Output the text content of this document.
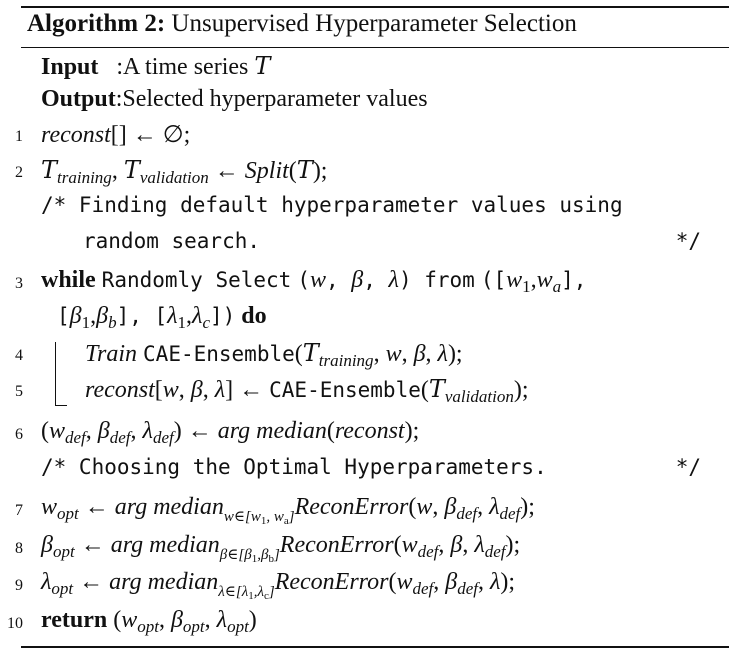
Algorithm 2: Unsupervised Hyperparameter Selection
Input :A time series T
Output:Selected hyperparameter values
1 reconst[] ← ∅;
2 $T_{training}$, $T_{validation}$ ← Split(T);
/* Finding default hyperparameter values using
random search.	*/
3 while Randomly Select (w, β, λ) from ($[w_1,w_a]$,
$[\beta_1,\beta_b]$, $[\lambda_1,\lambda_c]$) do
4	Train CAE-$Ensemble(T_{training}$, w, β, λ);
5	reconst[w, β, λ] ← CAE-$Ensemble(T_{validation})$;
6 ($w_{def}$, $\beta_{def}$, $\lambda_{def}$) ← arg median(reconst);
/* Choosing the Optimal Hyperparameters.	*/
7 $w_{opt}$ ← arg median$_{w\in[w_1, w_a]}$ReconError(w, $\beta_{def}$, $\lambda_{def}$);
8 $\beta_{opt}$ ← arg $median_{\beta\in[\beta_1,\beta_b]}ReconError(w_{def}$, β, $\lambda_{def}$);
9 $\lambda_{opt}$ ← arg $median_{\lambda\in[\lambda_1,\lambda_c]}ReconError(w_{def}$, $\beta_{def}$, λ);
10 return ($w_{opt}$, $\beta_{opt}$, $\lambda_{opt}$)
